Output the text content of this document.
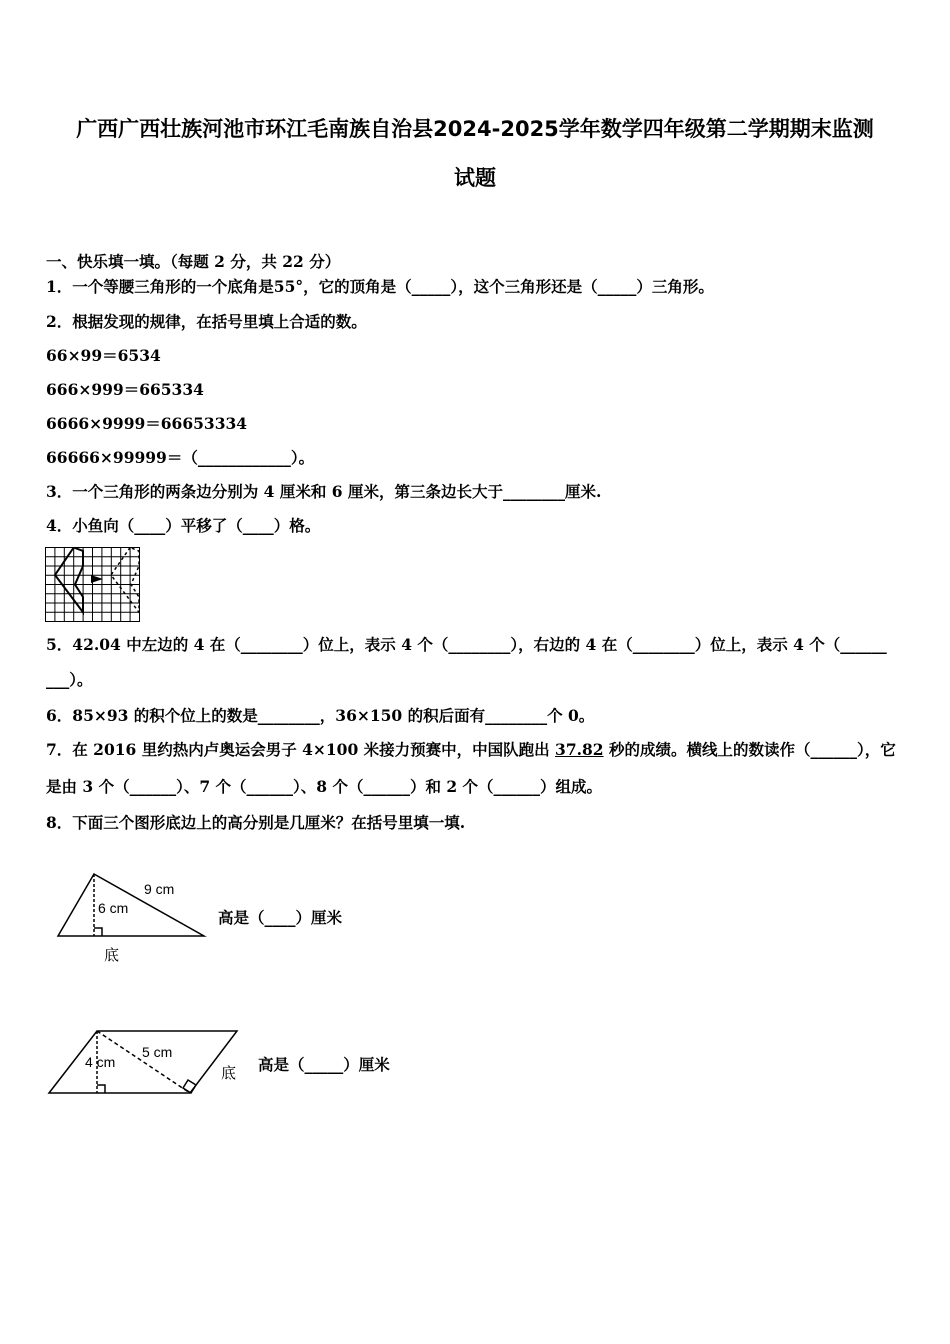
广西广西壮族河池市环江毛南族自治县2024-2025学年数学四年级第二学期期末监测
试题
一、快乐填一填。（每题 2 分，共 22 分）
1．一个等腰三角形的一个底角是55°，它的顶角是（_____），这个三角形还是（_____）三角形。
2．根据发现的规律，在括号里填上合适的数。
66×99＝6534
666×999＝665334
6666×9999＝66653334
66666×99999＝（____________）。
3．一个三角形的两条边分别为 4 厘米和 6 厘米，第三条边长大于________厘米.
4．小鱼向（____）平移了（____）格。
5．42.04 中左边的 4 在（________）位上，表示 4 个（________），右边的 4 在（________）位上，表示 4 个（______
___）。
6．85×93 的积个位上的数是________，36×150 的积后面有________个 0。
7．在 2016 里约热内卢奥运会男子 4×100 米接力预赛中，中国队跑出 37.82 秒的成绩。横线上的数读作（______），它
是由 3 个（______）、7 个（______）、8 个（______）和 2 个（______）组成。
8．下面三个图形底边上的高分别是几厘米？在括号里填一填.
9 cm
6 cm
底
高是（____）厘米
4 cm
5 cm
底 高是（_____）厘米
